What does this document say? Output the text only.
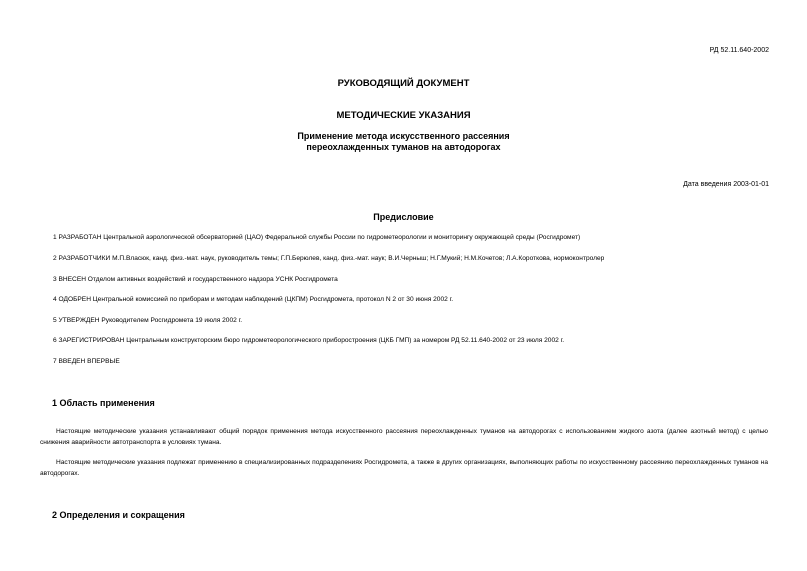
РД 52.11.640-2002
РУКОВОДЯЩИЙ ДОКУМЕНТ
МЕТОДИЧЕСКИЕ УКАЗАНИЯ
Применение метода искусственного рассеяния
переохлажденных туманов на автодорогах
Дата введения 2003-01-01
Предисловие
1 РАЗРАБОТАН Центральной аэрологической обсерваторией (ЦАО) Федеральной службы России по гидрометеорологии и мониторингу окружающей среды (Росгидромет)
2 РАЗРАБОТЧИКИ М.П.Власюк, канд. физ.-мат. наук, руководитель темы; Г.П.Берюлев, канд. физ.-мат. наук; В.И.Черныш; Н.Г.Мукий; Н.М.Кочетов; Л.А.Короткова, нормоконтролер
3 ВНЕСЕН Отделом активных воздействий и государственного надзора УСНК Росгидромета
4 ОДОБРЕН Центральной комиссией по приборам и методам наблюдений (ЦКПМ) Росгидромета, протокол N 2 от 30 июня 2002 г.
5 УТВЕРЖДЕН Руководителем Росгидромета 19 июля 2002 г.
6 ЗАРЕГИСТРИРОВАН Центральным конструкторским бюро гидрометеорологического приборостроения (ЦКБ ГМП) за номером РД 52.11.640-2002 от 23 июля 2002 г.
7 ВВЕДЕН ВПЕРВЫЕ
1 Область применения
Настоящие методические указания устанавливают общий порядок применения метода искусственного рассеяния переохлажденных туманов на автодорогах с использованием жидкого азота (далее азотный метод) с целью снижения аварийности автотранспорта в условиях тумана.
Настоящие методические указания подлежат применению в специализированных подразделениях Росгидромета, а также в других организациях, выполняющих работы по искусственному рассеянию переохлажденных туманов на автодорогах.
2 Определения и сокращения
